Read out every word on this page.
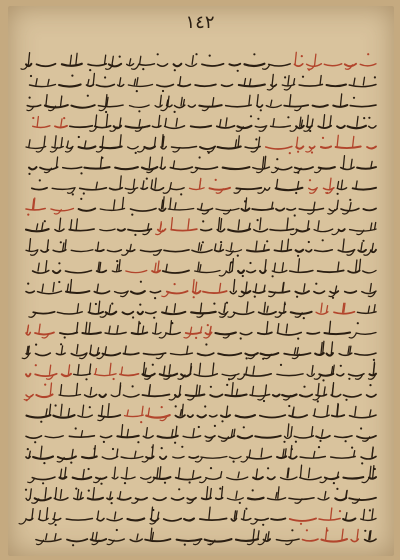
١٤٢
